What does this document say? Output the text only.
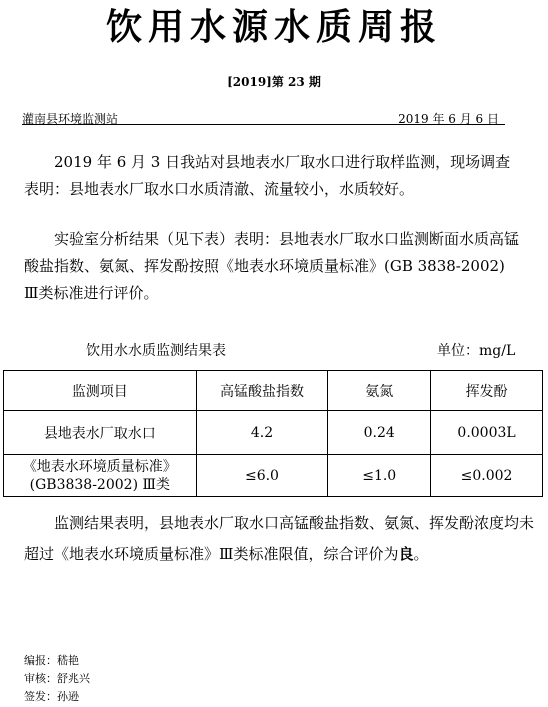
饮用水源水质周报
[2019]第 23 期
灌南县环境监测站	2019 年 6 月 6 日
2019 年 6 月 3 日我站对县地表水厂取水口进行取样监测，现场调查表明：县地表水厂取水口水质清澈、流量较小，水质较好。
实验室分析结果（见下表）表明：县地表水厂取水口监测断面水质高锰酸盐指数、氨氮、挥发酚按照《地表水环境质量标准》(GB 3838-2002) Ⅲ类标准进行评价。
饮用水水质监测结果表	单位：mg/L
监测项目	高锰酸盐指数	氨氮	挥发酚
县地表水厂取水口	4.2	0.24	0.0003L

《地表水环境质量标准》
(GB3838-2002) Ⅲ类	≤6.0	≤1.0	≤0.002
监测结果表明，县地表水厂取水口高锰酸盐指数、氨氮、挥发酚浓度均未超过《地表水环境质量标准》Ⅲ类标准限值，综合评价为良。
编报：嵇艳
审核：舒兆兴
签发：孙逊
